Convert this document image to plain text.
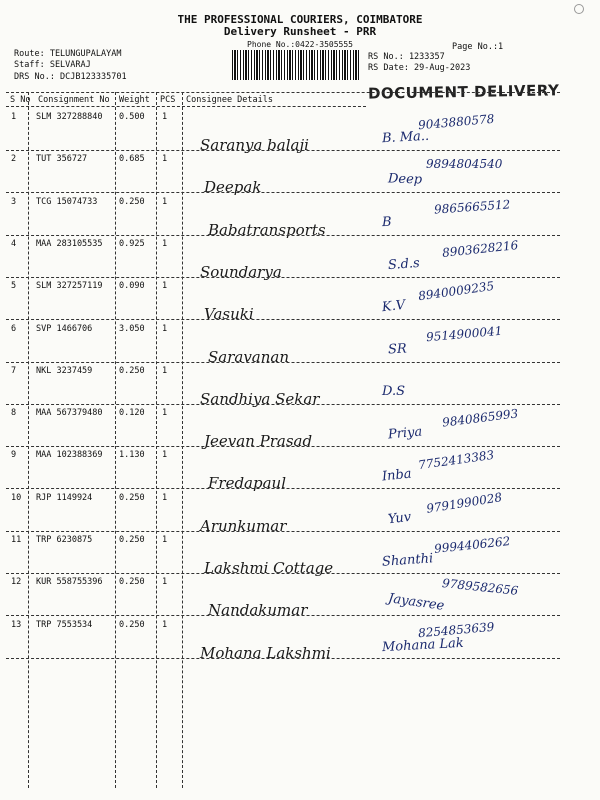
THE PROFESSIONAL COURIERS, COIMBATORE
Delivery Runsheet - PRR
Phone No.:0422-3505555	Page No.:1
Route: TELUNGUPALAYAM
Staff: SELVARAJ
DRS No.: DCJB123335701
RS No.: 1233357
RS Date: 29-Aug-2023
DOCUMENT DELIVERY
S No Consignment No Weight PCS Consignee Details
1 SLM 327288840 0.500 1
Saranya balaji	B. Ma..
9043880578
2 TUT 356727	0.685 1
Deepak	Deep
9894804540
3 TCG 15074733	0.250 1
Babatransports	B
9865665512
4 MAA 283105535 0.925 1
Soundarya	S.d.s
8903628216
5 SLM 327257119 0.090 1
Vasuki	K.V
8940009235
6 SVP 1466706	3.050 1
Saravanan	SR
9514900041
7 NKL 3237459	0.250 1
Sandhiya Sekar	D.S
8 MAA 567379480 0.120 1
Jeevan Prasad	Priya
9840865993
9 MAA 102388369 1.130 1
Fredapaul	Inba
7752413383
10 RJP 1149924	0.250 1
Arunkumar	Yuv
9791990028
11 TRP 6230875	0.250 1
Lakshmi Cottage	Shanthi
9994406262
12 KUR 558755396 0.250 1
Nandakumar	Jayasree
9789582656
13 TRP 7553534	0.250 1
Mohana Lakshmi	Mohana Lak
8254853639
